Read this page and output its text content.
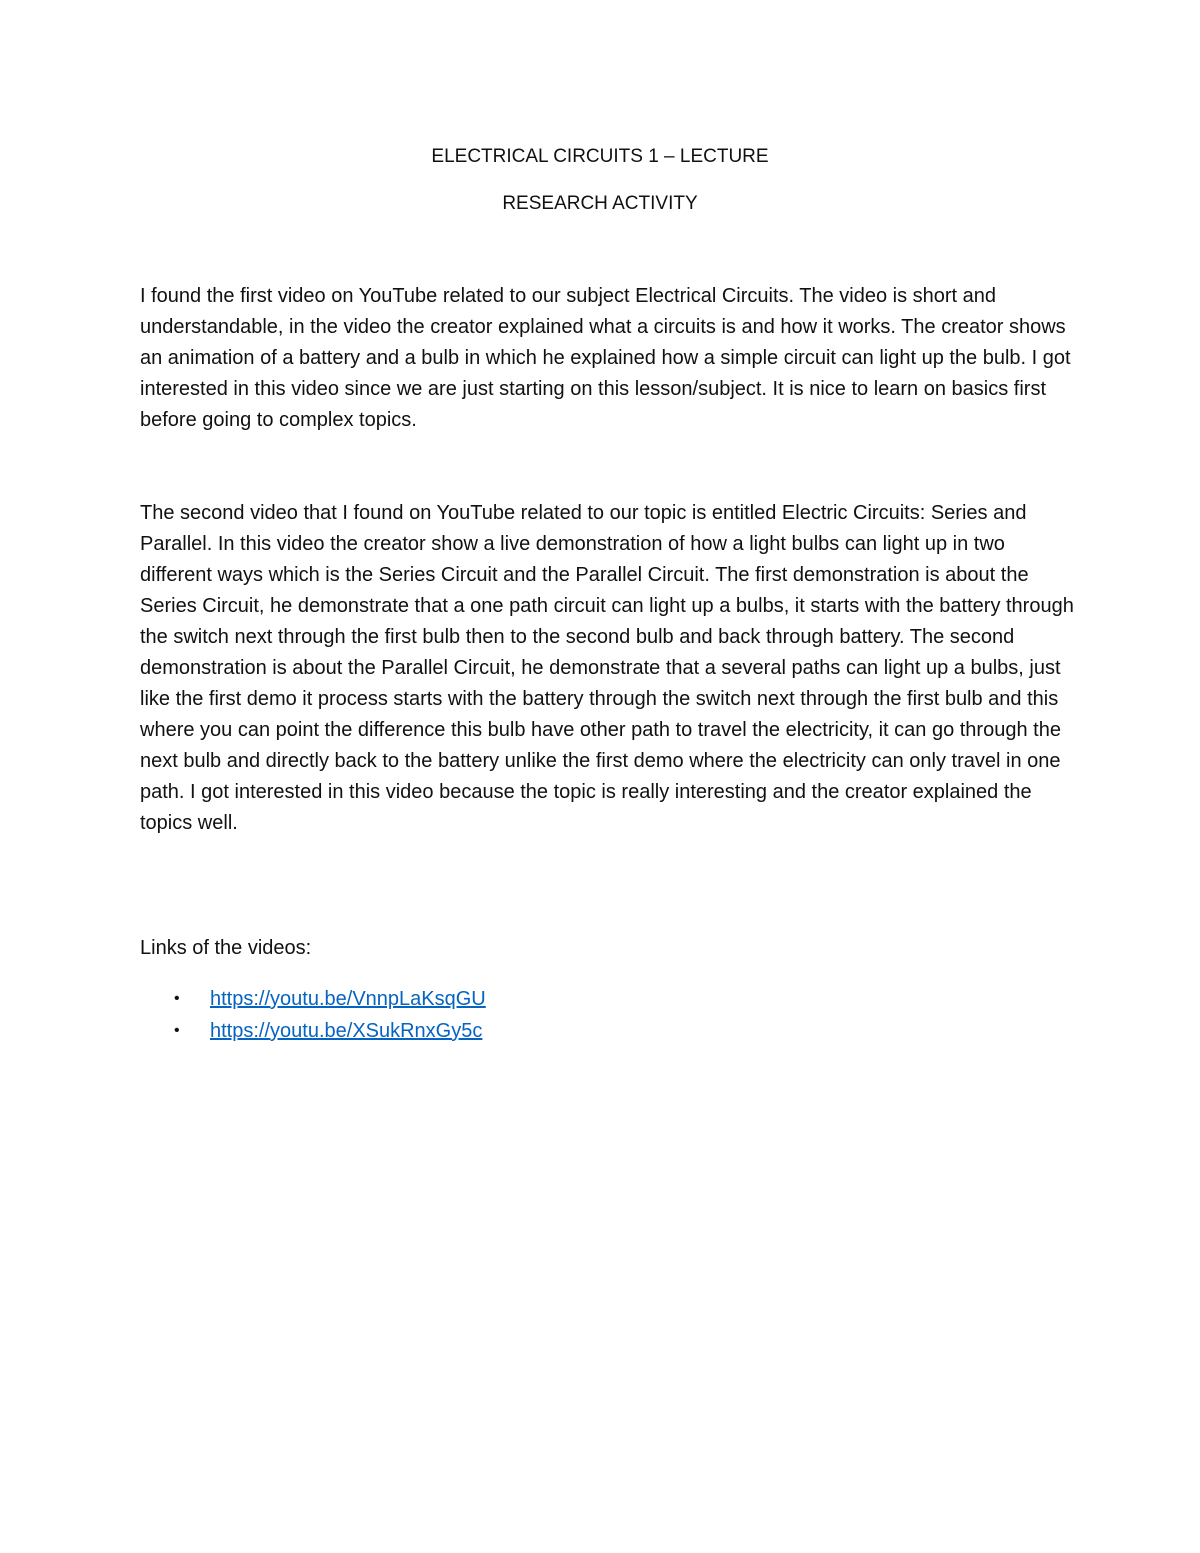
ELECTRICAL CIRCUITS 1 – LECTURE
RESEARCH ACTIVITY

I found the first video on YouTube related to our subject Electrical Circuits. The video is short and understandable, in the video the creator explained what a circuits is and how it works. The creator shows an animation of a battery and a bulb in which he explained how a simple circuit can light up the bulb. I got interested in this video since we are just starting on this lesson/subject. It is nice to learn on basics first before going to complex topics.

The second video that I found on YouTube related to our topic is entitled Electric Circuits: Series and Parallel. In this video the creator show a live demonstration of how a light bulbs can light up in two different ways which is the Series Circuit and the Parallel Circuit. The first demonstration is about the Series Circuit, he demonstrate that a one path circuit can light up a bulbs, it starts with the battery through the switch next through the first bulb then to the second bulb and back through battery. The second demonstration is about the Parallel Circuit, he demonstrate that a several paths can light up a bulbs, just like the first demo it process starts with the battery through the switch next through the first bulb and this where you can point the difference this bulb have other path to travel the electricity, it can go through the next bulb and directly back to the battery unlike the first demo where the electricity can only travel in one path. I got interested in this video because the topic is really interesting and the creator explained the topics well.

Links of the videos:
• https://youtu.be/VnnpLaKsqGU
• https://youtu.be/XSukRnxGy5c
